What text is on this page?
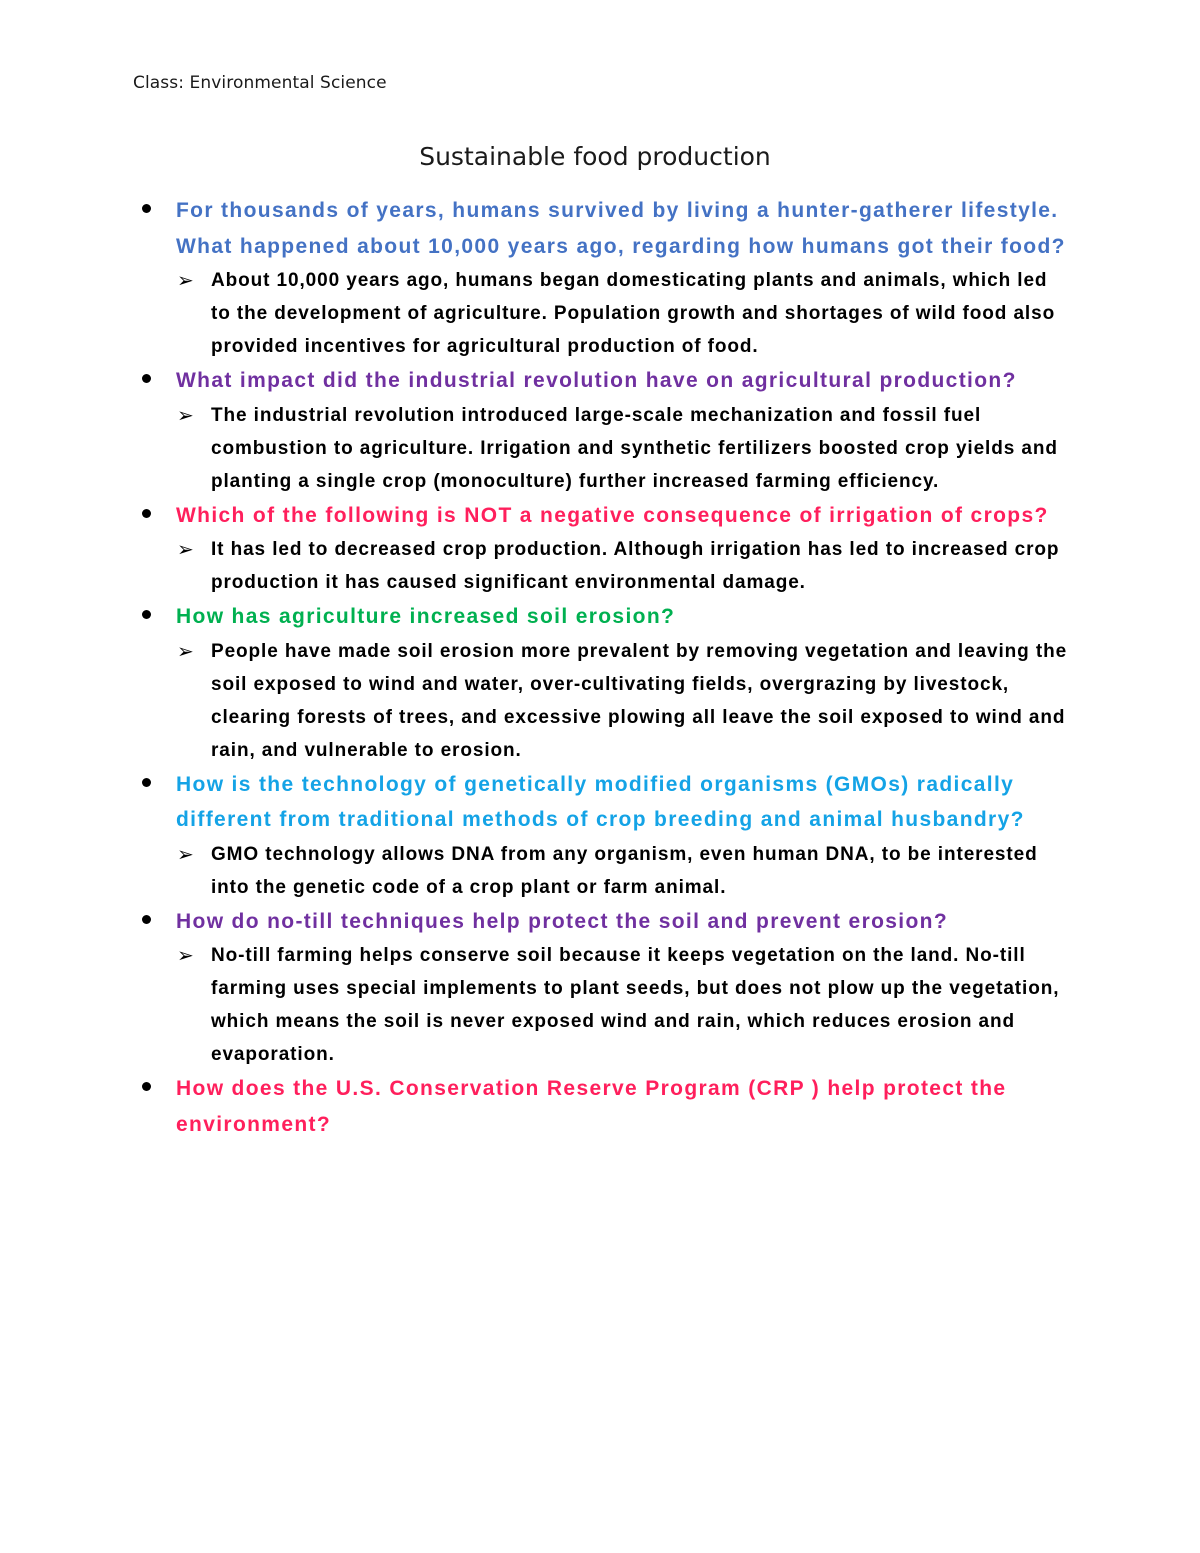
Class: Environmental Science
Sustainable food production

For thousands of years, humans survived by living a hunter-gatherer lifestyle. What happened about 10,000 years ago, regarding how humans got their food?

➢ About 10,000 years ago, humans began domesticating plants and animals, which led to the development of agriculture. Population growth and shortages of wild food also provided incentives for agricultural production of food.

What impact did the industrial revolution have on agricultural production?

➢ The industrial revolution introduced large-scale mechanization and fossil fuel combustion to agriculture. Irrigation and synthetic fertilizers boosted crop yields and planting a single crop (monoculture) further increased farming efficiency.

Which of the following is NOT a negative consequence of irrigation of crops?

➢ It has led to decreased crop production. Although irrigation has led to increased crop production it has caused significant environmental damage.

How has agriculture increased soil erosion?

➢ People have made soil erosion more prevalent by removing vegetation and leaving the soil exposed to wind and water, over-cultivating fields, overgrazing by livestock, clearing forests of trees, and excessive plowing all leave the soil exposed to wind and rain, and vulnerable to erosion.

How is the technology of genetically modified organisms (GMOs) radically different from traditional methods of crop breeding and animal husbandry?

➢ GMO technology allows DNA from any organism, even human DNA, to be interested into the genetic code of a crop plant or farm animal.

How do no-till techniques help protect the soil and prevent erosion?

➢ No-till farming helps conserve soil because it keeps vegetation on the land. No-till farming uses special implements to plant seeds, but does not plow up the vegetation, which means the soil is never exposed wind and rain, which reduces erosion and evaporation.

How does the U.S. Conservation Reserve Program (CRP ) help protect the environment?
